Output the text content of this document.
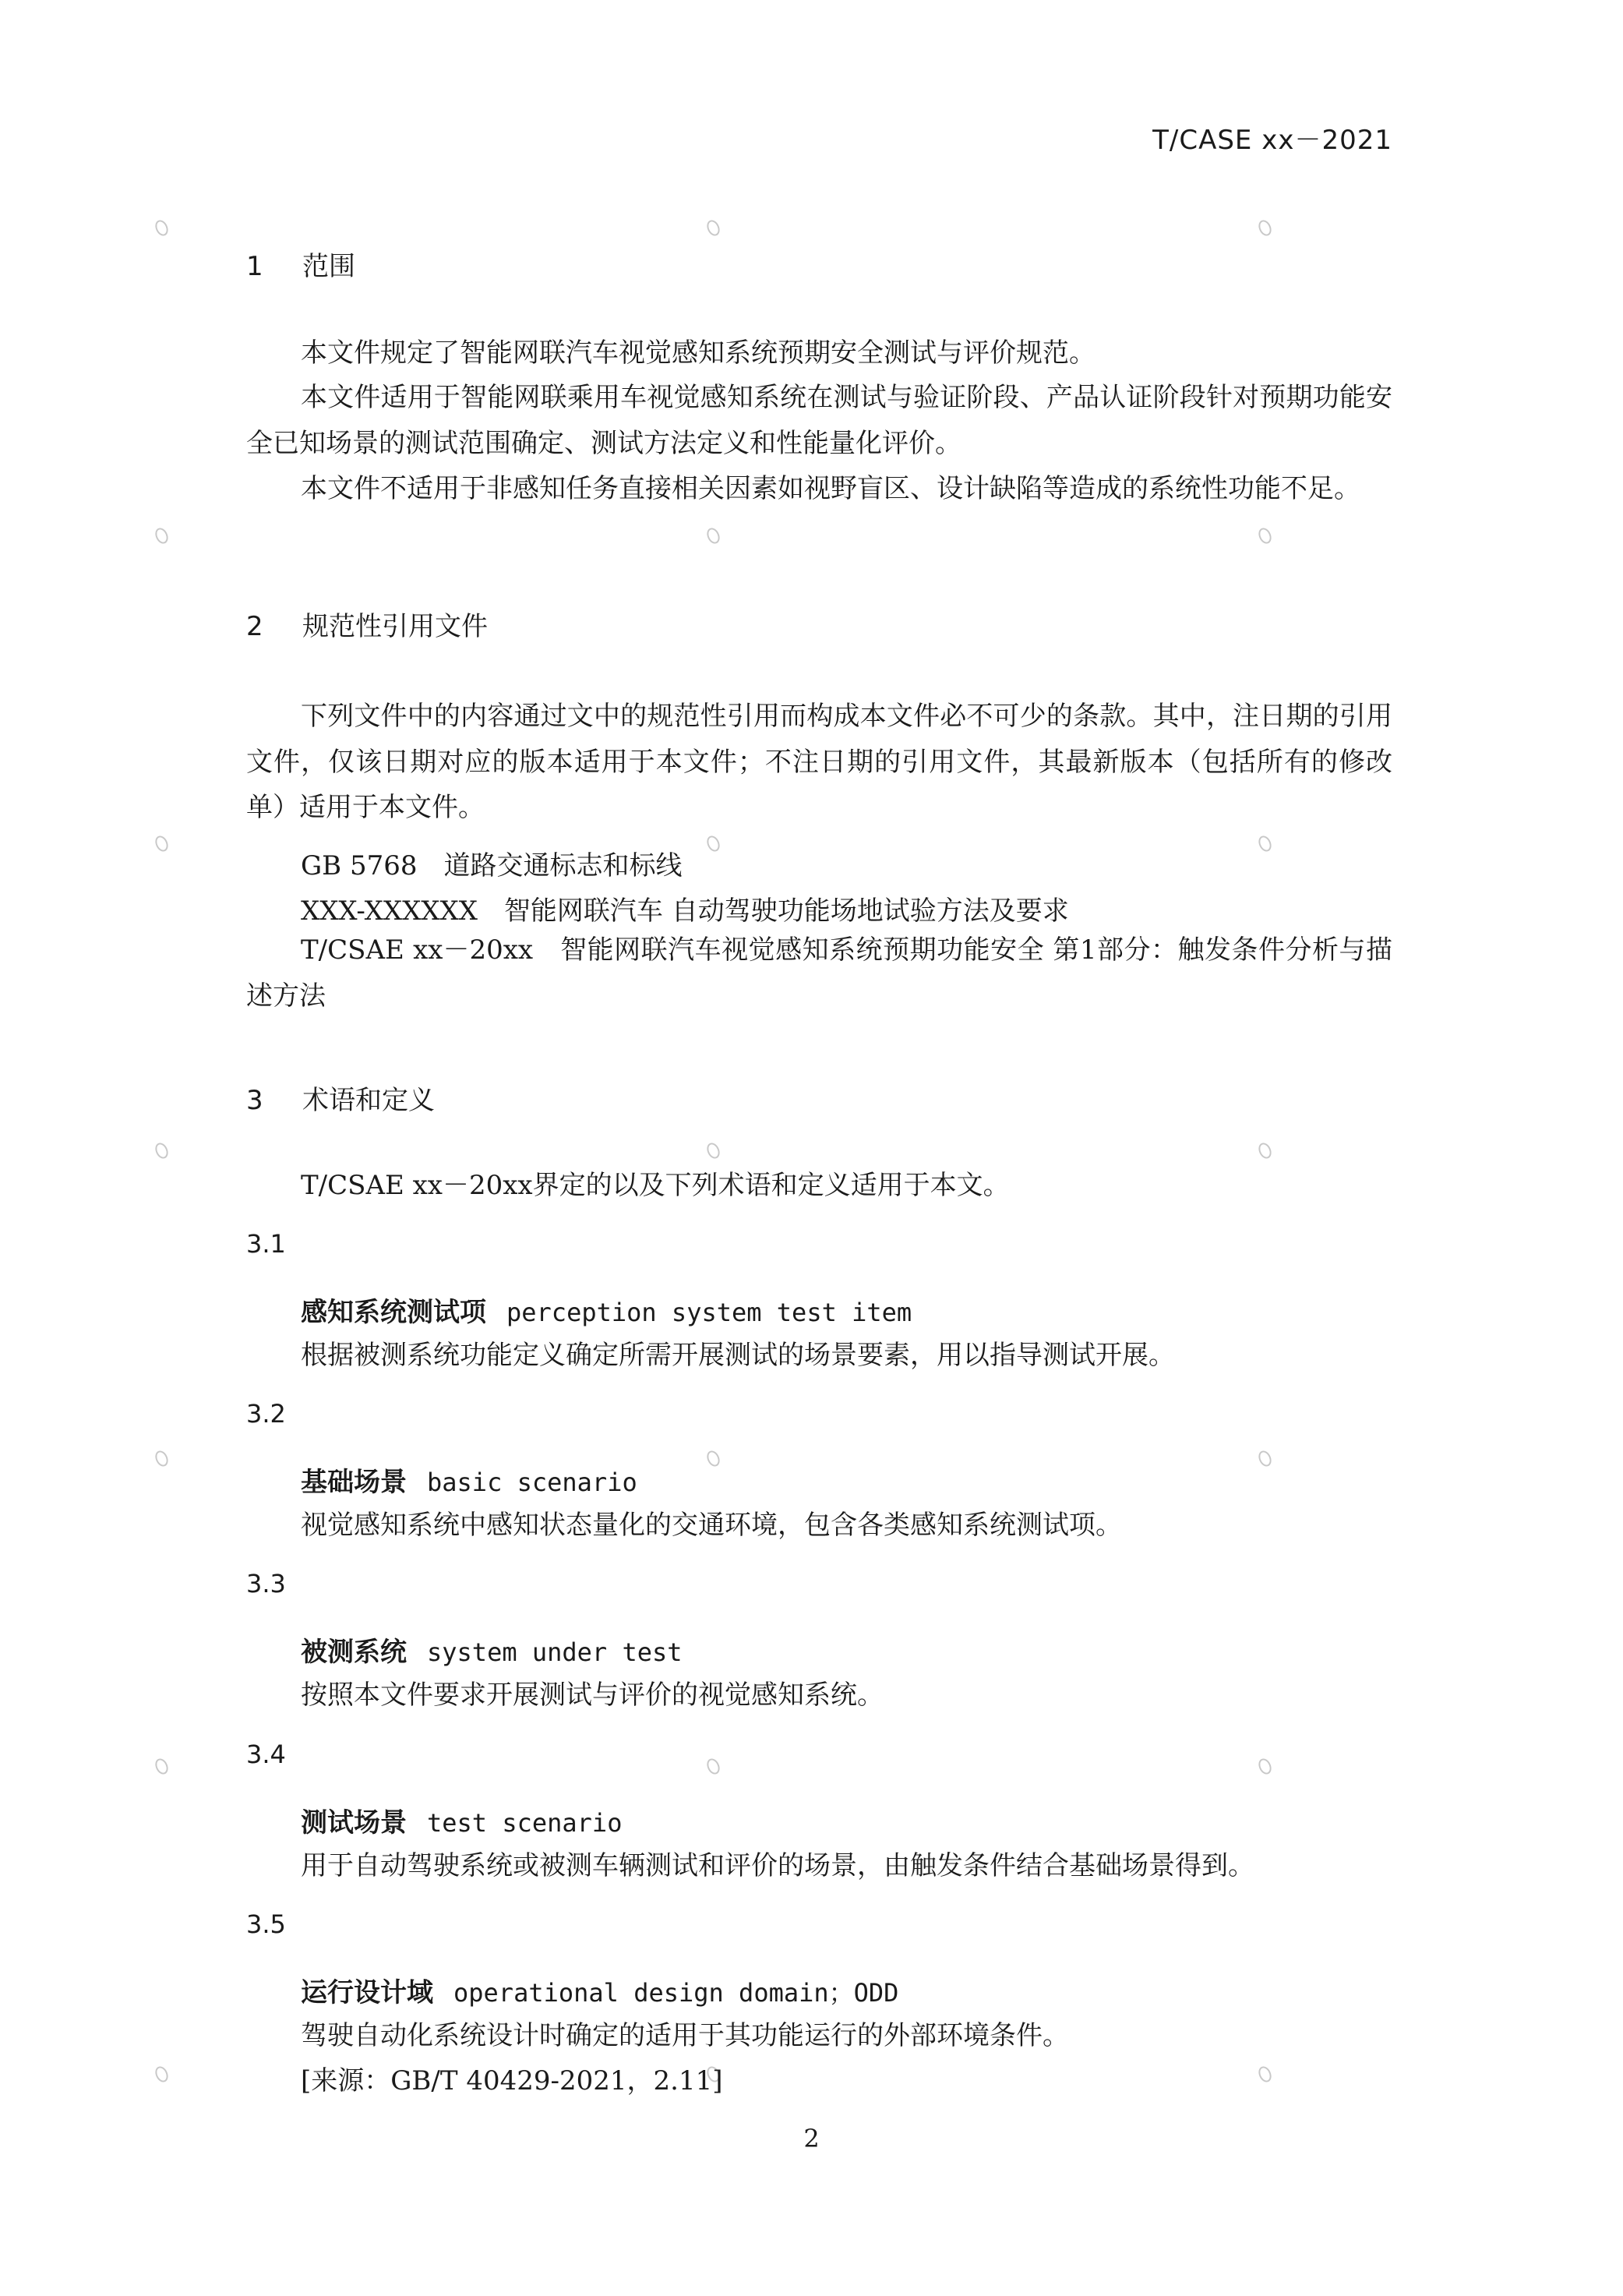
T/CASE xx－2021
1 范围
本文件规定了智能网联汽车视觉感知系统预期安全测试与评价规范。
本文件适用于智能网联乘用车视觉感知系统在测试与验证阶段、产品认证阶段针对预期功能安全已知场景的测试范围确定、测试方法定义和性能量化评价。
本文件不适用于非感知任务直接相关因素如视野盲区、设计缺陷等造成的系统性功能不足。
2 规范性引用文件
下列文件中的内容通过文中的规范性引用而构成本文件必不可少的条款。其中，注日期的引用文件，仅该日期对应的版本适用于本文件；不注日期的引用文件，其最新版本（包括所有的修改单）适用于本文件。
GB 5768　道路交通标志和标线
XXX-XXXXXX　智能网联汽车 自动驾驶功能场地试验方法及要求
T/CSAE xx－20xx　智能网联汽车视觉感知系统预期功能安全 第1部分：触发条件分析与描述方法
3 术语和定义
T/CSAE xx－20xx界定的以及下列术语和定义适用于本文。
3.1
感知系统测试项 perception system test item
根据被测系统功能定义确定所需开展测试的场景要素，用以指导测试开展。
3.2
基础场景 basic scenario
视觉感知系统中感知状态量化的交通环境，包含各类感知系统测试项。
3.3
被测系统 system under test
按照本文件要求开展测试与评价的视觉感知系统。
3.4
测试场景 test scenario
用于自动驾驶系统或被测车辆测试和评价的场景，由触发条件结合基础场景得到。
3.5
运行设计域 operational design domain；ODD
驾驶自动化系统设计时确定的适用于其功能运行的外部环境条件。
[来源：GB/T 40429-2021，2.11]
2
